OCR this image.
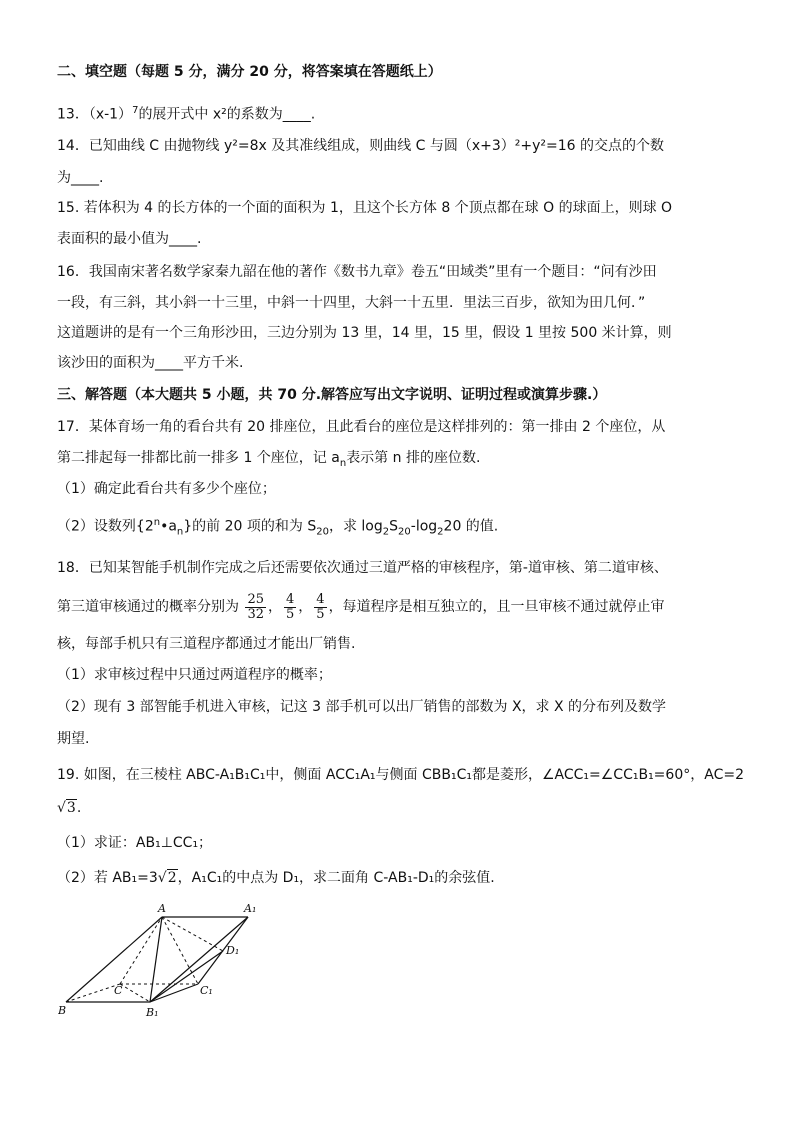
二、填空题（每题 5 分，满分 20 分，将答案填在答题纸上）
13．$(x-1)^7$的展开式中 x²的系数为____.
14．已知曲线 C 由抛物线 y²=8x 及其准线组成，则曲线 C 与圆（x+3）²+y²=16 的交点的个数
为____.
15. 若体积为 4 的长方体的一个面的面积为 1，且这个长方体 8 个顶点都在球 O 的球面上，则球 O
表面积的最小值为____.
16．我国南宋著名数学家秦九韶在他的著作《数书九章》卷五“田域类”里有一个题目：“问有沙田
一段，有三斜，其小斜一十三里，中斜一十四里，大斜一十五里．里法三百步，欲知为田几何．”
这道题讲的是有一个三角形沙田，三边分别为 13 里，14 里，15 里，假设 1 里按 500 米计算，则
该沙田的面积为____平方千米.
三、解答题（本大题共 5 小题，共 70 分.解答应写出文字说明、证明过程或演算步骤.）
17．某体育场一角的看台共有 20 排座位，且此看台的座位是这样排列的：第一排由 2 个座位，从
第二排起每一排都比前一排多 1 个座位，记 $a_n$表示第 n 排的座位数.
（1）确定此看台共有多少个座位；
（2）设数列$\{2^n•a_n\}$的前 20 项的和为 $S_{20}$，求 $\log_2S_{20}-\log_220$ 的值.
18．已知某智能手机制作完成之后还需要依次通过三道严格的审核程序，第-道审核、第二道审核、
第三道审核通过的概率分别为 $\frac{25}{32}$ ， $\frac{4}{5}$ ， $\frac{4}{5}$ ，每道程序是相互独立的，且一旦审核不通过就停止审
核，每部手机只有三道程序都通过才能出厂销售.
（1）求审核过程中只通过两道程序的概率；
（2）现有 3 部智能手机进入审核，记这 3 部手机可以出厂销售的部数为 X，求 X 的分布列及数学
期望.
19. 如图，在三棱柱 ABC-A₁B₁C₁中，侧面 ACC₁A₁与侧面 CBB₁C₁都是菱形，∠ACC₁=∠CC₁B₁=60°，AC=2
√3.
（1）求证：AB₁⊥CC₁；
（2）若 AB₁=3√2，A₁C₁的中点为 D₁，求二面角 C-AB₁-D₁的余弦值.
A	A₁
B	B₁
C	C₁
D₁
